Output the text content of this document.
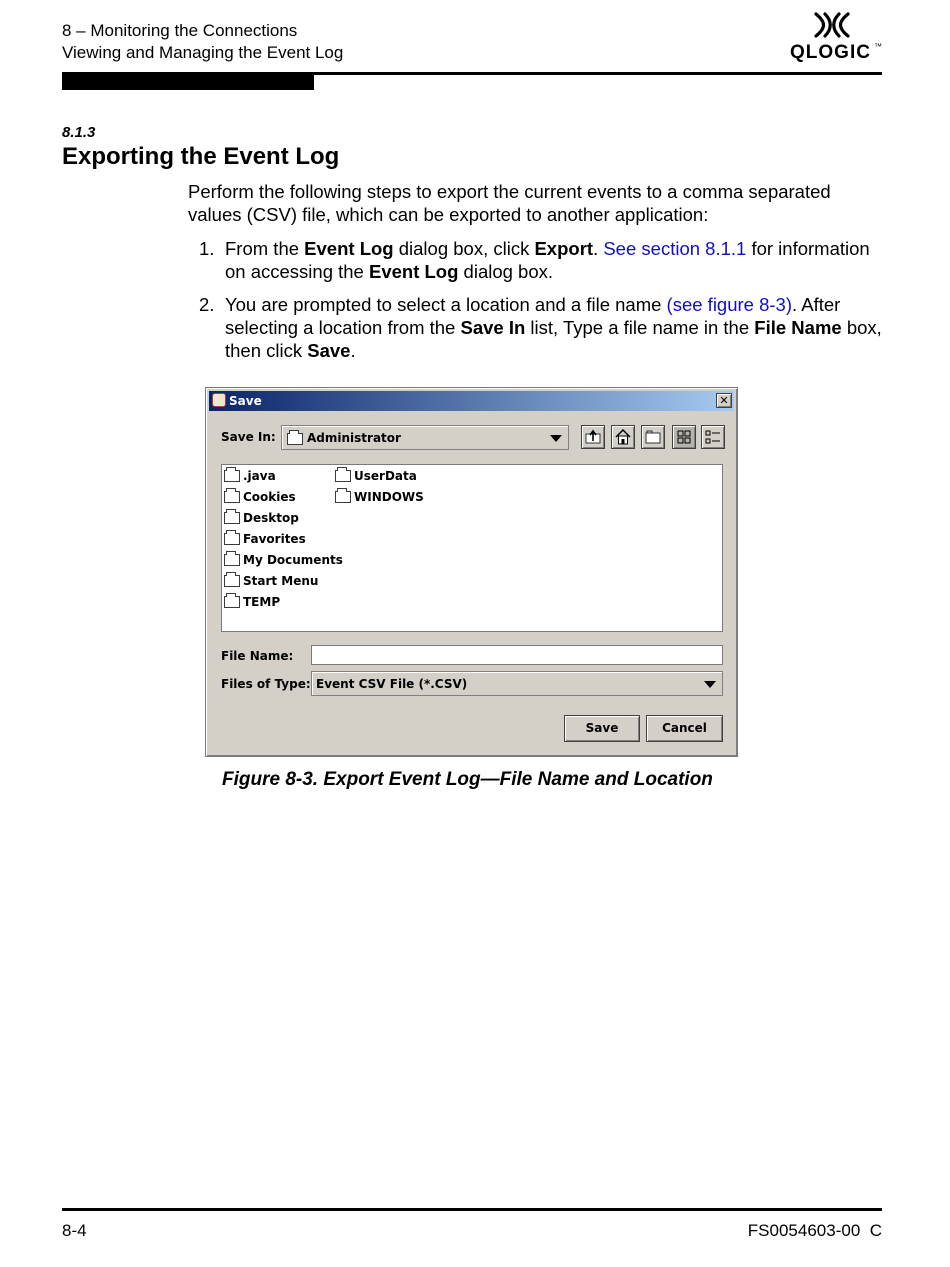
8 – Monitoring the Connections
Viewing and Managing the Event Log	QLOGIC ™
8.1.3
Exporting the Event Log
Perform the following steps to export the current events to a comma separated values (CSV) file, which can be exported to another application:
1. From the Event Log dialog box, click Export. See section 8.1.1 for information on accessing the Event Log dialog box.
2. You are prompted to select a location and a file name (see figure 8-3). After selecting a location from the Save In list, Type a file name in the File Name box, then click Save.
Save	✕
Save In:	Administrator
.java
Cookies
Desktop
Favorites
My Documents
Start Menu
TEMP
UserData
WINDOWS
File Name:
Files of Type: Event CSV File (*.CSV)
Save	Cancel
Figure 8-3. Export Event Log—File Name and Location
8-4	FS0054603-00  C
